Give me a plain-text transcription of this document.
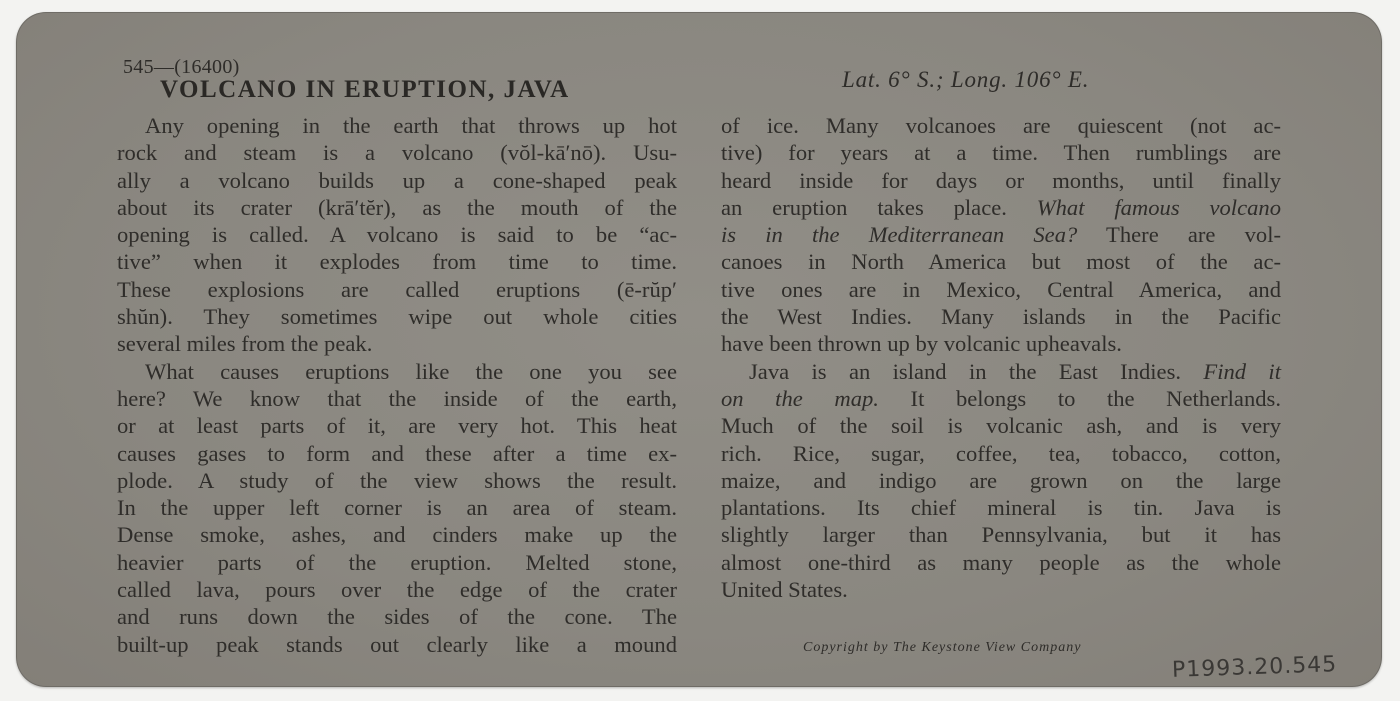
545—(16400)
VOLCANO IN ERUPTION, JAVA	Lat. 6° S.; Long. 106° E.
Any opening in the earth that throws up hot
rock and steam is a volcano (vŏl-kā′nō). Usu-
ally a volcano builds up a cone-shaped peak
about its crater (krā′tĕr), as the mouth of the
opening is called. A volcano is said to be “ac-
tive” when it explodes from time to time.
These explosions are called eruptions (ē-rŭp′
shŭn). They sometimes wipe out whole cities
several miles from the peak.
What causes eruptions like the one you see
here? We know that the inside of the earth,
or at least parts of it, are very hot. This heat
causes gases to form and these after a time ex-
plode. A study of the view shows the result.
In the upper left corner is an area of steam.
Dense smoke, ashes, and cinders make up the
heavier parts of the eruption. Melted stone,
called lava, pours over the edge of the crater
and runs down the sides of the cone. The
built-up peak stands out clearly like a mound
of ice. Many volcanoes are quiescent (not ac-
tive) for years at a time. Then rumblings are
heard inside for days or months, until finally
an eruption takes place. What famous volcano
is in the Mediterranean Sea? There are vol-
canoes in North America but most of the ac-
tive ones are in Mexico, Central America, and
the West Indies. Many islands in the Pacific
have been thrown up by volcanic upheavals.
Java is an island in the East Indies. Find it
on the map. It belongs to the Netherlands.
Much of the soil is volcanic ash, and is very
rich. Rice, sugar, coffee, tea, tobacco, cotton,
maize, and indigo are grown on the large
plantations. Its chief mineral is tin. Java is
slightly larger than Pennsylvania, but it has
almost one-third as many people as the whole
United States.
Copyright by The Keystone View Company
P1993.20.545
